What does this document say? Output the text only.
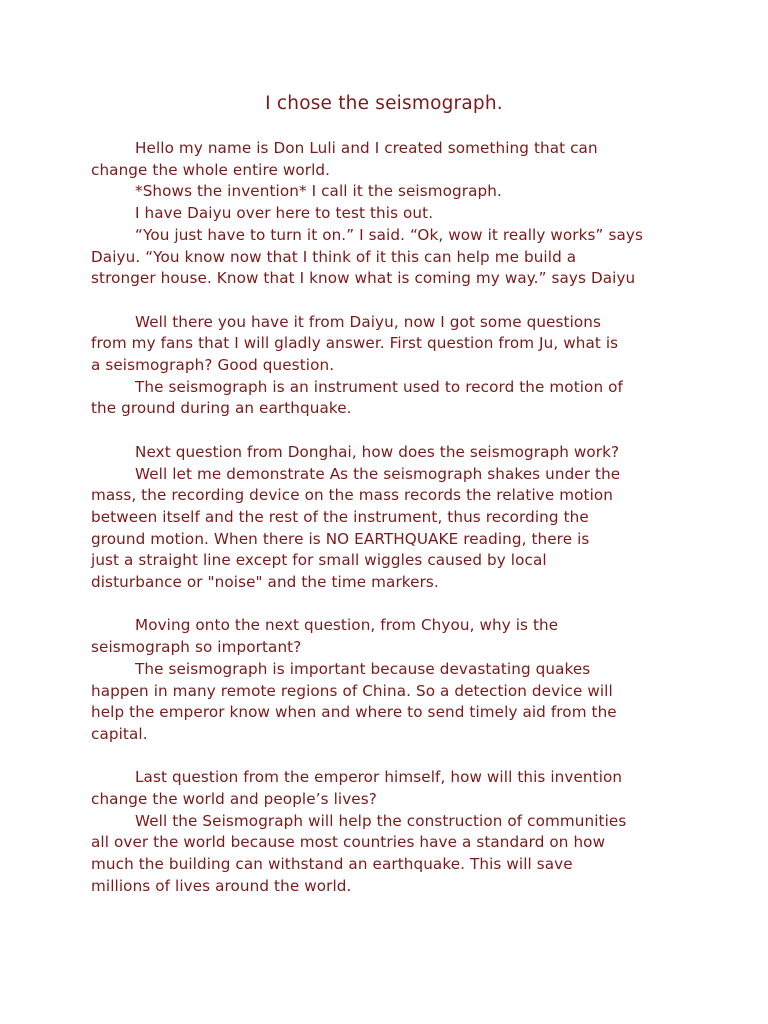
I chose the seismograph.

Hello my name is Don Luli and I created something that can

change the whole entire world.

*Shows the invention* I call it the seismograph.

I have Daiyu over here to test this out.

“You just have to turn it on.” I said. “Ok, wow it really works” says

Daiyu. “You know now that I think of it this can help me build a

stronger house. Know that I know what is coming my way.” says Daiyu

Well there you have it from Daiyu, now I got some questions

from my fans that I will gladly answer. First question from Ju, what is

a seismograph? Good question.

The seismograph is an instrument used to record the motion of

the ground during an earthquake.

Next question from Donghai, how does the seismograph work?

Well let me demonstrate As the seismograph shakes under the

mass, the recording device on the mass records the relative motion

between itself and the rest of the instrument, thus recording the

ground motion. When there is NO EARTHQUAKE reading, there is

just a straight line except for small wiggles caused by local

disturbance or "noise" and the time markers.

Moving onto the next question, from Chyou, why is the

seismograph so important?

The seismograph is important because devastating quakes

happen in many remote regions of China. So a detection device will

help the emperor know when and where to send timely aid from the

capital.

Last question from the emperor himself, how will this invention

change the world and people’s lives?

Well the Seismograph will help the construction of communities

all over the world because most countries have a standard on how

much the building can withstand an earthquake. This will save

millions of lives around the world.
